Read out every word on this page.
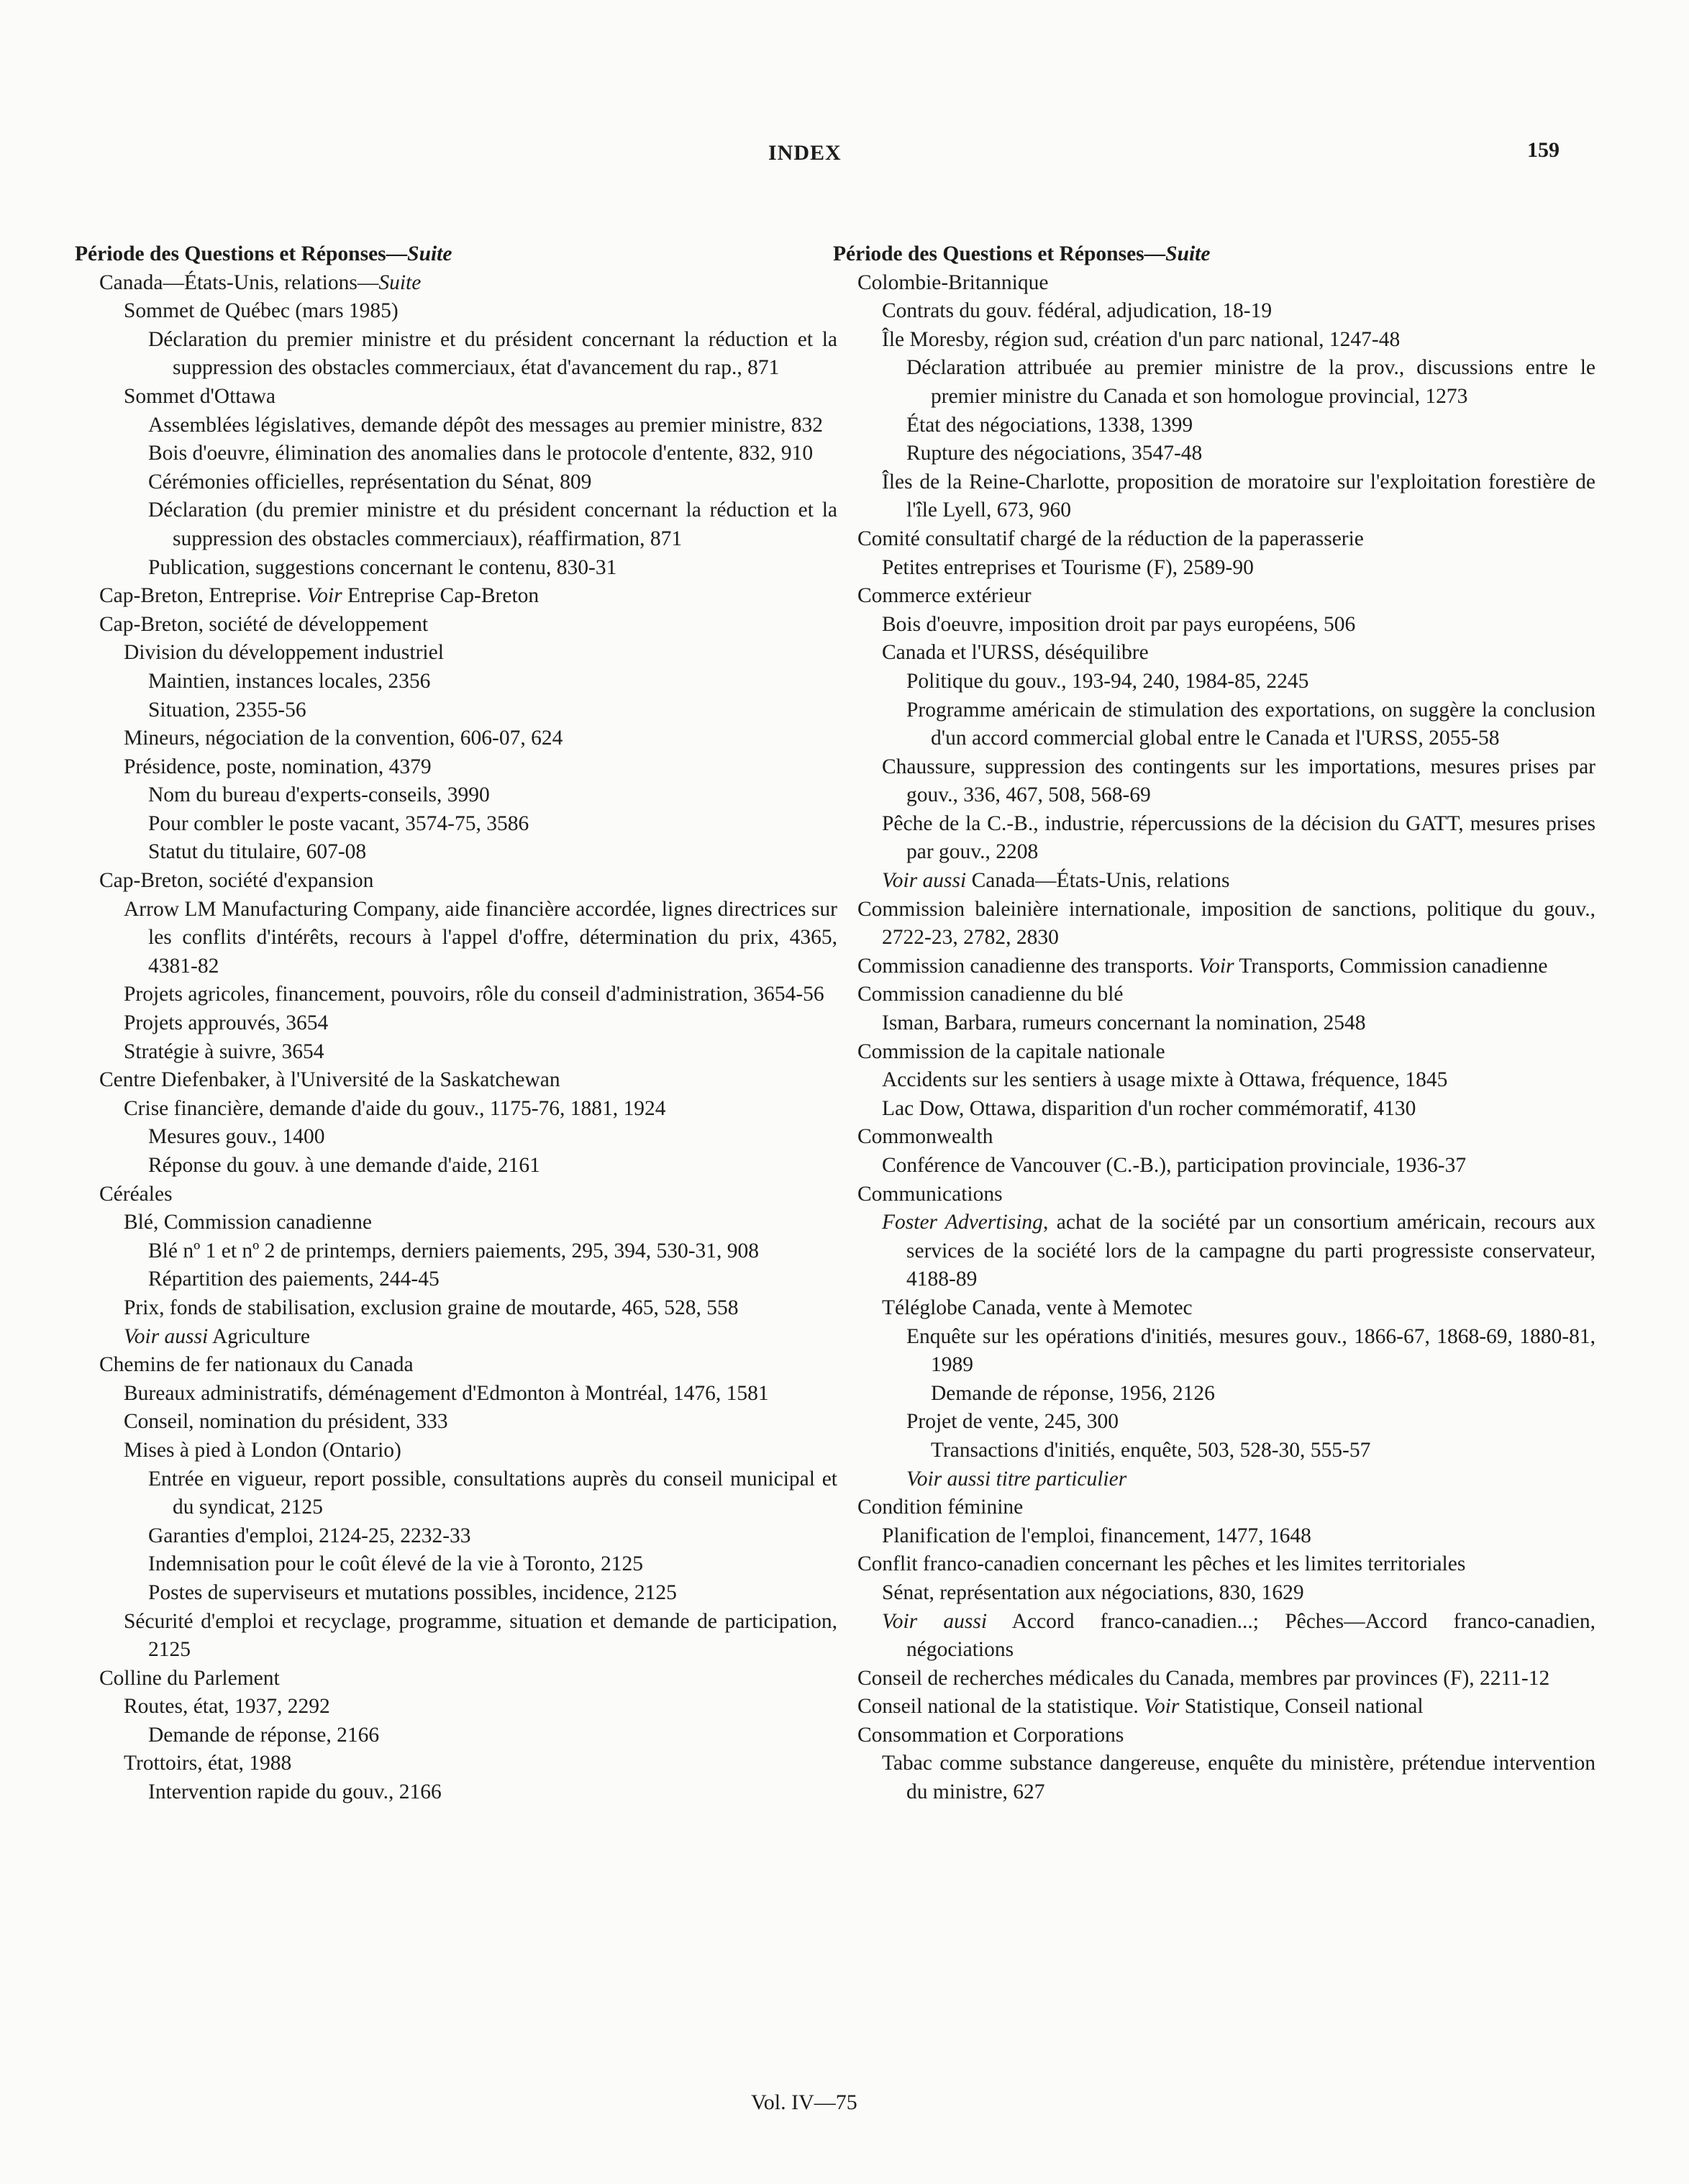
INDEX	159
Période des Questions et Réponses—Suite
Canada—États-Unis, relations—Suite
Sommet de Québec (mars 1985)
Déclaration du premier ministre et du président concernant la réduction et la suppression des obstacles commerciaux, état d'avancement du rap., 871
Sommet d'Ottawa
Assemblées législatives, demande dépôt des messages au premier ministre, 832
Bois d'oeuvre, élimination des anomalies dans le protocole d'entente, 832, 910
Cérémonies officielles, représentation du Sénat, 809
Déclaration (du premier ministre et du président concernant la réduction et la suppression des obstacles commerciaux), réaffirmation, 871
Publication, suggestions concernant le contenu, 830-31
Cap-Breton, Entreprise. Voir Entreprise Cap-Breton
Cap-Breton, société de développement
Division du développement industriel
Maintien, instances locales, 2356
Situation, 2355-56
Mineurs, négociation de la convention, 606-07, 624
Présidence, poste, nomination, 4379
Nom du bureau d'experts-conseils, 3990
Pour combler le poste vacant, 3574-75, 3586
Statut du titulaire, 607-08
Cap-Breton, société d'expansion
Arrow LM Manufacturing Company, aide financière accordée, lignes directrices sur les conflits d'intérêts, recours à l'appel d'offre, détermination du prix, 4365, 4381-82
Projets agricoles, financement, pouvoirs, rôle du conseil d'administration, 3654-56
Projets approuvés, 3654
Stratégie à suivre, 3654
Centre Diefenbaker, à l'Université de la Saskatchewan
Crise financière, demande d'aide du gouv., 1175-76, 1881, 1924
Mesures gouv., 1400
Réponse du gouv. à une demande d'aide, 2161
Céréales
Blé, Commission canadienne
Blé nº 1 et nº 2 de printemps, derniers paiements, 295, 394, 530-31, 908
Répartition des paiements, 244-45
Prix, fonds de stabilisation, exclusion graine de moutarde, 465, 528, 558
Voir aussi Agriculture
Chemins de fer nationaux du Canada
Bureaux administratifs, déménagement d'Edmonton à Montréal, 1476, 1581
Conseil, nomination du président, 333
Mises à pied à London (Ontario)
Entrée en vigueur, report possible, consultations auprès du conseil municipal et du syndicat, 2125
Garanties d'emploi, 2124-25, 2232-33
Indemnisation pour le coût élevé de la vie à Toronto, 2125
Postes de superviseurs et mutations possibles, incidence, 2125
Sécurité d'emploi et recyclage, programme, situation et demande de participation, 2125
Colline du Parlement
Routes, état, 1937, 2292
Demande de réponse, 2166
Trottoirs, état, 1988
Intervention rapide du gouv., 2166
Période des Questions et Réponses—Suite
Colombie-Britannique
Contrats du gouv. fédéral, adjudication, 18-19
Île Moresby, région sud, création d'un parc national, 1247-48
Déclaration attribuée au premier ministre de la prov., discussions entre le premier ministre du Canada et son homologue provincial, 1273
État des négociations, 1338, 1399
Rupture des négociations, 3547-48
Îles de la Reine-Charlotte, proposition de moratoire sur l'exploitation forestière de l'île Lyell, 673, 960
Comité consultatif chargé de la réduction de la paperasserie
Petites entreprises et Tourisme (F), 2589-90
Commerce extérieur
Bois d'oeuvre, imposition droit par pays européens, 506
Canada et l'URSS, déséquilibre
Politique du gouv., 193-94, 240, 1984-85, 2245
Programme américain de stimulation des exportations, on suggère la conclusion d'un accord commercial global entre le Canada et l'URSS, 2055-58
Chaussure, suppression des contingents sur les importations, mesures prises par gouv., 336, 467, 508, 568-69
Pêche de la C.-B., industrie, répercussions de la décision du GATT, mesures prises par gouv., 2208
Voir aussi Canada—États-Unis, relations
Commission baleinière internationale, imposition de sanctions, politique du gouv., 2722-23, 2782, 2830
Commission canadienne des transports. Voir Transports, Commission canadienne
Commission canadienne du blé
Isman, Barbara, rumeurs concernant la nomination, 2548
Commission de la capitale nationale
Accidents sur les sentiers à usage mixte à Ottawa, fréquence, 1845
Lac Dow, Ottawa, disparition d'un rocher commémoratif, 4130
Commonwealth
Conférence de Vancouver (C.-B.), participation provinciale, 1936-37
Communications
Foster Advertising, achat de la société par un consortium américain, recours aux services de la société lors de la campagne du parti progressiste conservateur, 4188-89
Téléglobe Canada, vente à Memotec
Enquête sur les opérations d'initiés, mesures gouv., 1866-67, 1868-69, 1880-81, 1989
Demande de réponse, 1956, 2126
Projet de vente, 245, 300
Transactions d'initiés, enquête, 503, 528-30, 555-57
Voir aussi titre particulier
Condition féminine
Planification de l'emploi, financement, 1477, 1648
Conflit franco-canadien concernant les pêches et les limites territoriales
Sénat, représentation aux négociations, 830, 1629
Voir aussi Accord franco-canadien...; Pêches—Accord franco-canadien, négociations
Conseil de recherches médicales du Canada, membres par provinces (F), 2211-12
Conseil national de la statistique. Voir Statistique, Conseil national
Consommation et Corporations
Tabac comme substance dangereuse, enquête du ministère, prétendue intervention du ministre, 627
Vol. IV—75
